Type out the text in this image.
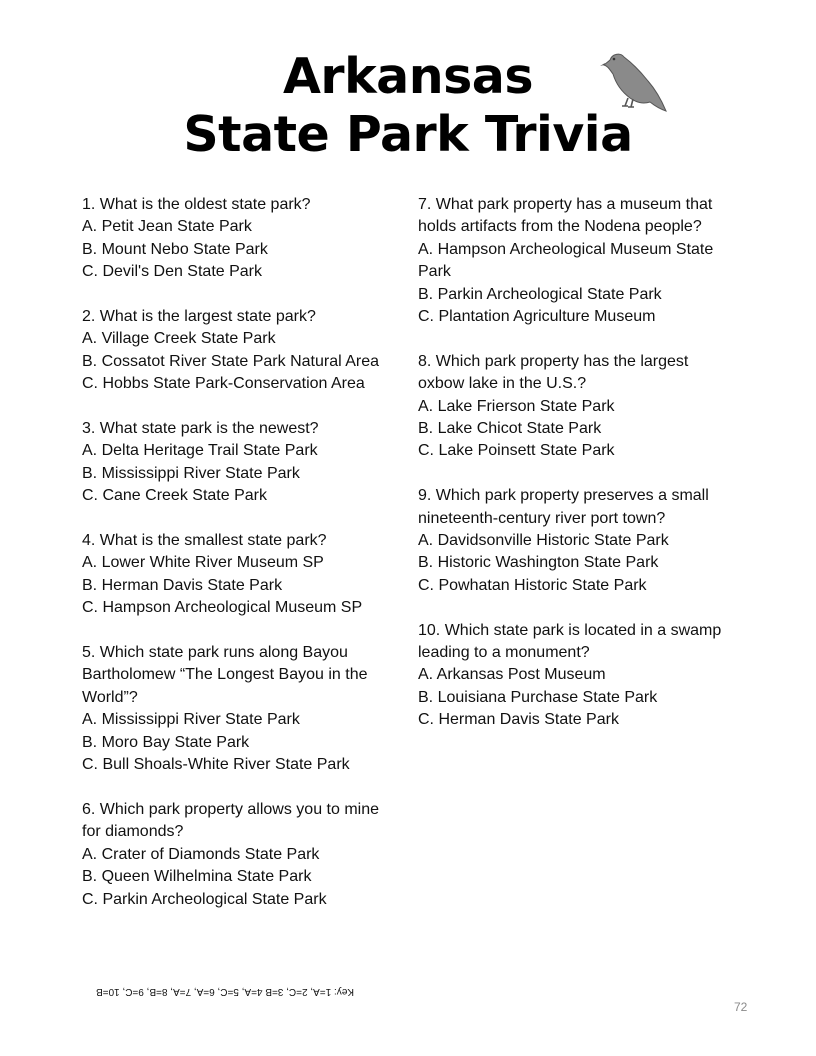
Arkansas
State Park Trivia
1. What is the oldest state park?
A. Petit Jean State Park
B. Mount Nebo State Park
C. Devil's Den State Park
2. What is the largest state park?
A. Village Creek State Park
B. Cossatot River State Park Natural Area
C. Hobbs State Park-Conservation Area
3. What state park is the newest?
A. Delta Heritage Trail State Park
B. Mississippi River State Park
C. Cane Creek State Park
4. What is the smallest state park?
A. Lower White River Museum SP
B. Herman Davis State Park
C. Hampson Archeological Museum SP
5. Which state park runs along Bayou Bartholomew “The Longest Bayou in the World”?
A. Mississippi River State Park
B. Moro Bay State Park
C. Bull Shoals-White River State Park
6. Which park property allows you to mine for diamonds?
A. Crater of Diamonds State Park
B. Queen Wilhelmina State Park
C. Parkin Archeological State Park
7. What park property has a museum that holds artifacts from the Nodena people?
A. Hampson Archeological Museum State Park
B. Parkin Archeological State Park
C. Plantation Agriculture Museum
8. Which park property has the largest oxbow lake in the U.S.?
A. Lake Frierson State Park
B. Lake Chicot State Park
C. Lake Poinsett State Park
9. Which park property preserves a small nineteenth-century river port town?
A. Davidsonville Historic State Park
B. Historic Washington State Park
C. Powhatan Historic State Park
10. Which state park is located in a swamp leading to a monument?
A. Arkansas Post Museum
B. Louisiana Purchase State Park
C. Herman Davis State Park
Key: 1=A, 2=C, 3=B 4=A, 5=C, 6=A, 7=A, 8=B, 9=C, 10=B
72
